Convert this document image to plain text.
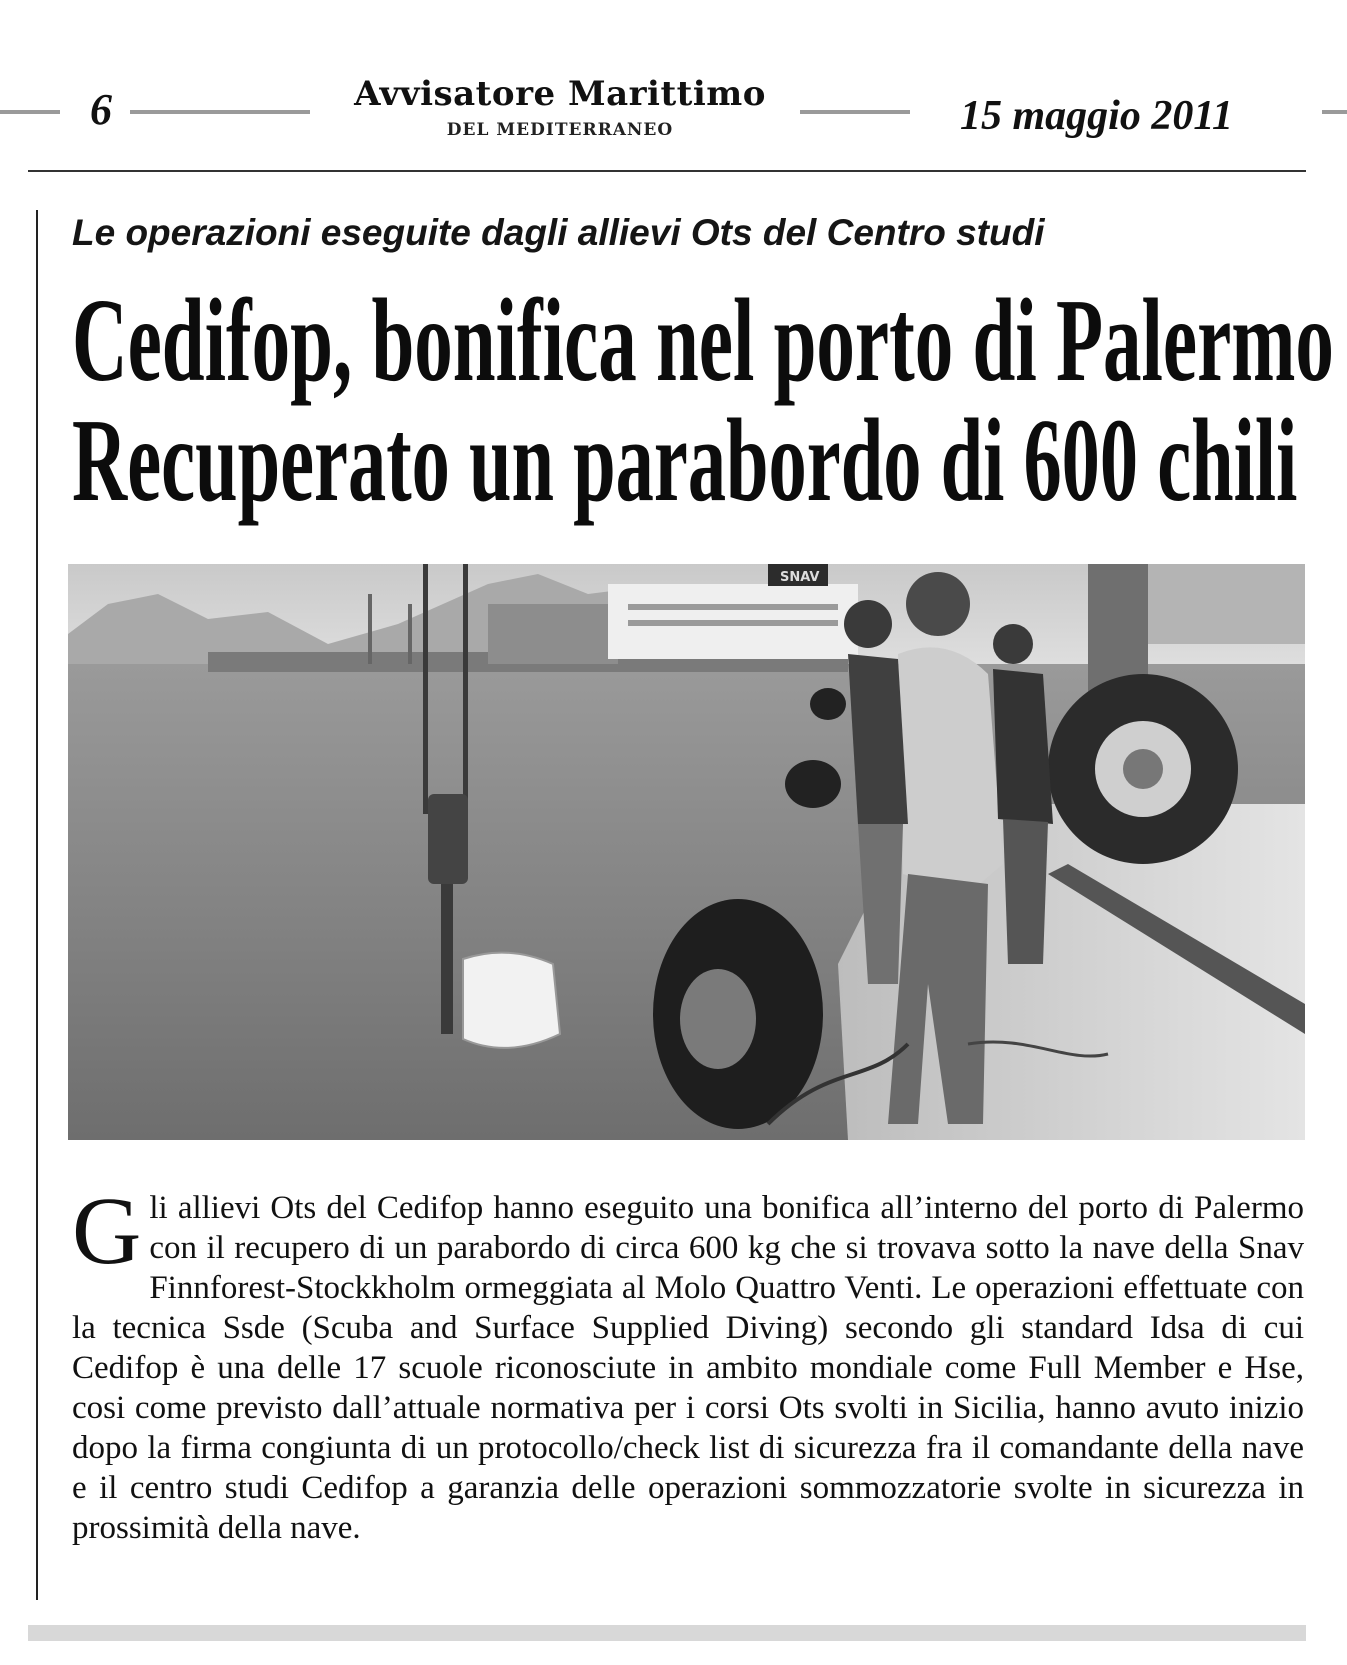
6	Avvisatore Marittimo
DEL MEDITERRANEO	15 maggio 2011
Le operazioni eseguite dagli allievi Ots del Centro studi
Cedifop, bonifica nel porto di Palermo
Recuperato un parabordo di 600 chili
SNAV
Gli allievi Ots del Cedifop hanno eseguito una bonifica all’interno del porto di Palermo con il recupero di un parabordo di circa 600 kg che si trovava sotto la nave della Snav Finnforest-Stockkholm ormeggiata al Molo Quattro Venti. Le operazioni effettuate con la tecnica Ssde (Scuba and Surface Supplied Diving) secondo gli standard Idsa di cui Cedifop è una delle 17 scuole riconosciute in ambito mondiale come Full Member e Hse, cosi come previsto dall’attuale normativa per i corsi Ots svolti in Sicilia, hanno avuto inizio dopo la firma congiunta di un protocollo/check list di sicurezza fra il comandante della nave e il centro studi Cedifop a garanzia delle operazioni sommozzatorie svolte in sicurezza in prossimità della nave.
